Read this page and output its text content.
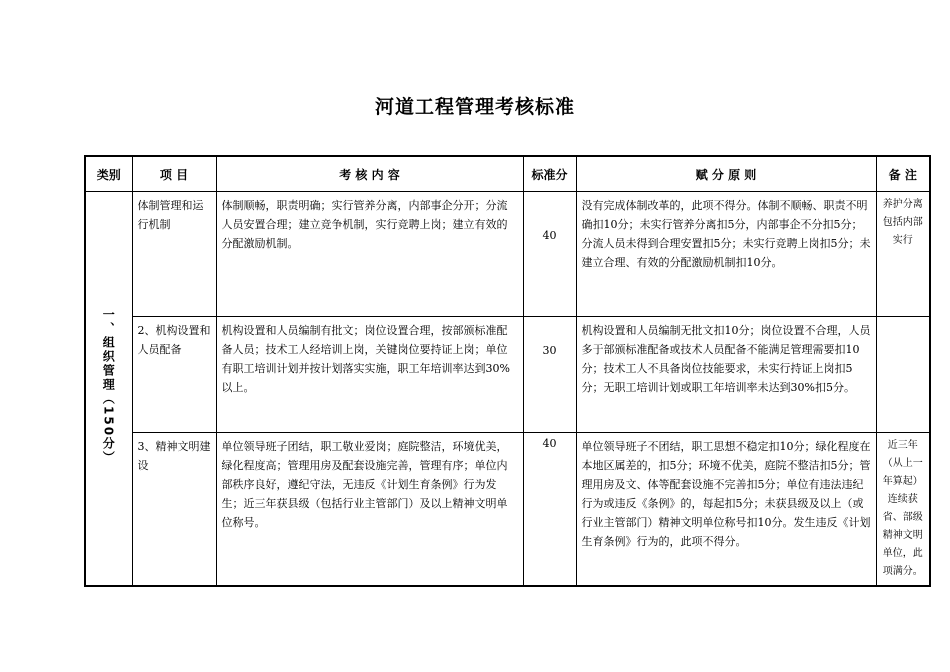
河道工程管理考核标准
类别	项 目	考 核 内 容	标准分	赋 分 原 则	备 注
一、组织管理（150分）	体制管理和运行机制	体制顺畅，职责明确；实行管养分离，内部事企分开；分流人员安置合理；建立竞争机制，实行竞聘上岗；建立有效的分配激励机制。	40	没有完成体制改革的，此项不得分。体制不顺畅、职责不明确扣10分；未实行管养分离扣5分，内部事企不分扣5分；分流人员未得到合理安置扣5分；未实行竞聘上岗扣5分；未建立合理、有效的分配激励机制扣10分。	养护分离包括内部实行
	2、机构设置和人员配备	机构设置和人员编制有批文；岗位设置合理，按部颁标准配备人员；技术工人经培训上岗，关键岗位要持证上岗；单位有职工培训计划并按计划落实实施，职工年培训率达到30%以上。	30	机构设置和人员编制无批文扣10分；岗位设置不合理，人员多于部颁标准配备或技术人员配备不能满足管理需要扣10分；技术工人不具备岗位技能要求，未实行持证上岗扣5分；无职工培训计划或职工年培训率未达到30%扣5分。	
	3、精神文明建设	单位领导班子团结，职工敬业爱岗；庭院整洁，环境优美，绿化程度高；管理用房及配套设施完善，管理有序；单位内部秩序良好，遵纪守法，无违反《计划生育条例》行为发生；近三年获县级（包括行业主管部门）及以上精神文明单位称号。	40	单位领导班子不团结，职工思想不稳定扣10分；绿化程度在本地区属差的，扣5分；环境不优美，庭院不整洁扣5分；管理用房及文、体等配套设施不完善扣5分；单位有违法违纪行为或违反《条例》的，每起扣5分；未获县级及以上（或行业主管部门）精神文明单位称号扣10分。发生违反《计划生育条例》行为的，此项不得分。	近三年（从上一年算起）连续获省、部级精神文明单位，此项满分。
